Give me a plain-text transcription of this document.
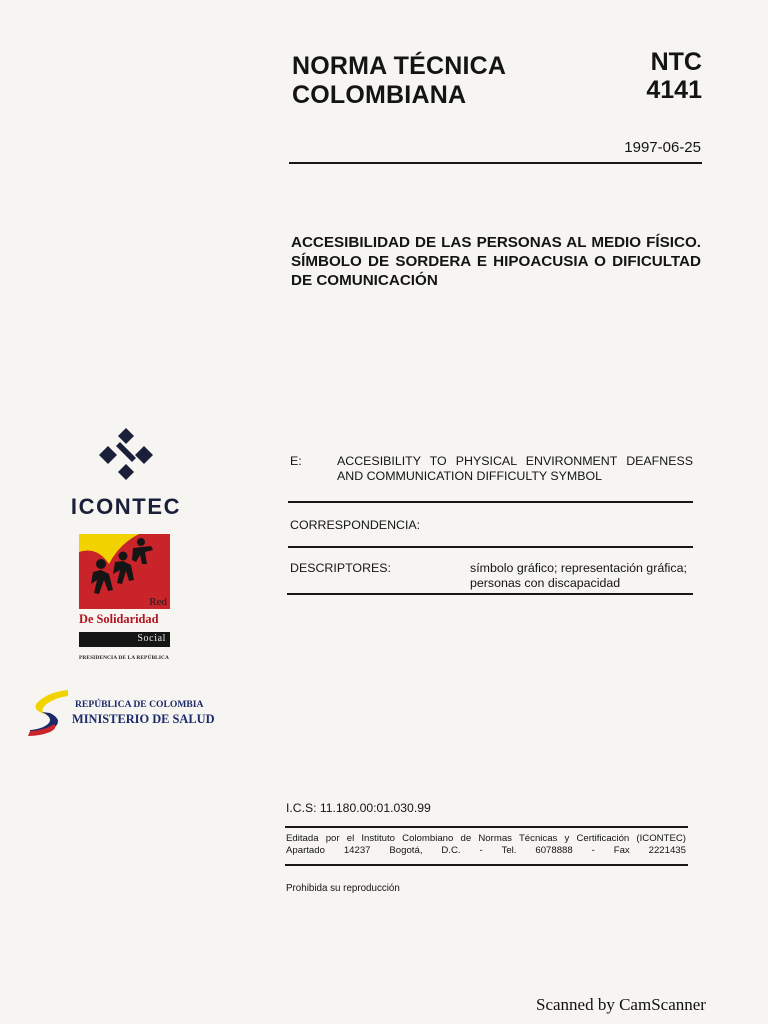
NORMA TÉCNICA
COLOMBIANA
NTC
4141
1997-06-25
ACCESIBILIDAD DE LAS PERSONAS AL MEDIO FÍSICO. SÍMBOLO DE SORDERA E HIPOACUSIA O DIFICULTAD DE COMUNICACIÓN
E:	ACCESIBILITY TO PHYSICAL ENVIRONMENT DEAFNESS AND COMMUNICATION DIFFICULTY SYMBOL
CORRESPONDENCIA:
DESCRIPTORES:	símbolo gráfico; representación gráfica; personas con discapacidad
I.C.S: 11.180.00:01.030.99
Editada por el Instituto Colombiano de Normas Técnicas y Certificación (ICONTEC)
Apartado 14237 Bogotá, D.C. - Tel. 6078888 - Fax 2221435
Prohibida su reproducción
ICONTEC
Red
De Solidaridad
Social
PRESIDENCIA DE LA REPÚBLICA
REPÚBLICA DE COLOMBIA
MINISTERIO DE SALUD
Scanned by CamScanner
